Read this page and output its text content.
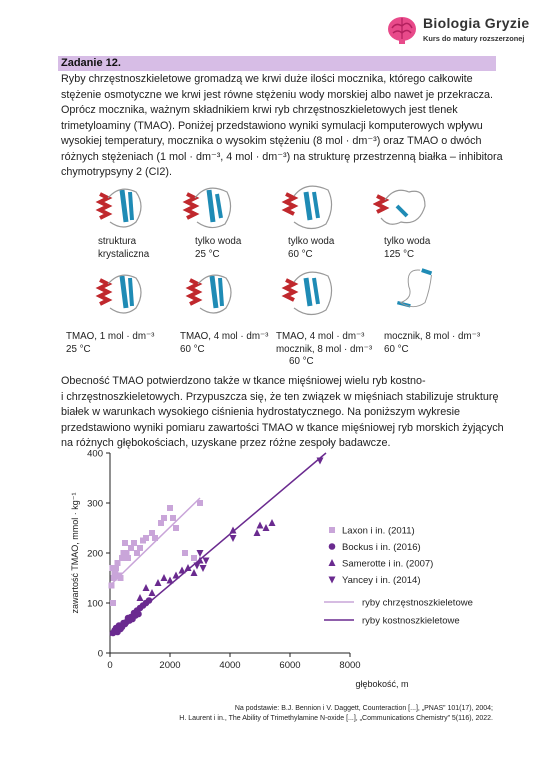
Biologia Gryzie
Kurs do matury rozszerzonej
Zadanie 12.
Ryby chrzęstnoszkieletowe gromadzą we krwi duże ilości mocznika, którego całkowite
stężenie osmotyczne we krwi jest równe stężeniu wody morskiej albo nawet je przekracza.
Oprócz mocznika, ważnym składnikiem krwi ryb chrzęstnoszkieletowych jest tlenek
trimetyloaminy (TMAO). Poniżej przedstawiono wyniki symulacji komputerowych wpływu
wysokiej temperatury, mocznika o wysokim stężeniu (8 mol · dm⁻³) oraz TMAO o dwóch
różnych stężeniach (1 mol · dm⁻³, 4 mol · dm⁻³) na strukturę przestrzenną białka – inhibitora
chymotrypsyny 2 (CI2).
struktura
krystaliczna
tylko woda
25 °C
tylko woda
60 °C
tylko woda
125 °C
TMAO, 1 mol · dm⁻³
25 °C
TMAO, 4 mol · dm⁻³
60 °C
TMAO, 4 mol · dm⁻³
mocznik, 8 mol · dm⁻³
60 °C
mocznik, 8 mol · dm⁻³
60 °C
Obecność TMAO potwierdzono także w tkance mięśniowej wielu ryb kostno-
i chrzęstnoszkieletowych. Przypuszcza się, że ten związek w mięśniach stabilizuje strukturę
białek w warunkach wysokiego ciśnienia hydrostatycznego. Na poniższym wykresie
przedstawiono wyniki pomiaru zawartości TMAO w tkance mięśniowej ryb morskich żyjących
na różnych głębokościach, uzyskane przez różne zespoły badawcze.
0
100
200
300
400
0	2000	4000	6000	8000
głębokość, m
zawartość TMAO, mmol · kg⁻¹	Laxon i in. (2011)
Bockus i in. (2016)
Samerotte i in. (2007)
Yancey i in. (2014)
ryby chrzęstnoszkieletowe
ryby kostnoszkieletowe
Na podstawie: B.J. Bennion i V. Daggett, Counteraction [...], „PNAS” 101(17), 2004;
H. Laurent i in., The Ability of Trimethylamine N-oxide [...], „Communications Chemistry” 5(116), 2022.
